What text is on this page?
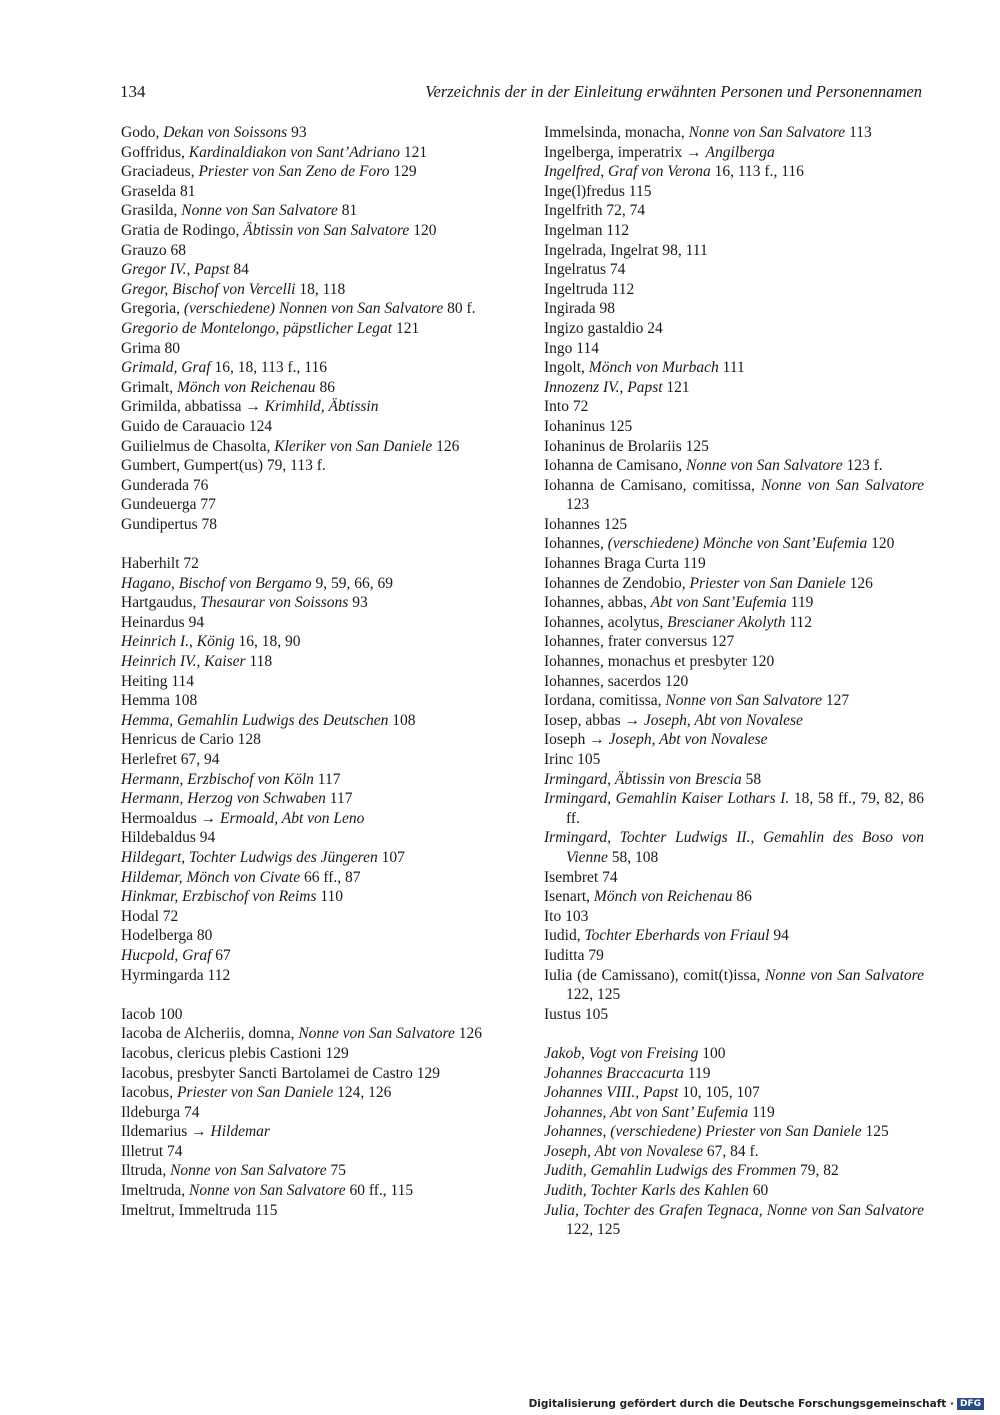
134	Verzeichnis der in der Einleitung erwähnten Personen und Personennamen
Godo, Dekan von Soissons 93
Goffridus, Kardinaldiakon von Sant’Adriano 121
Graciadeus, Priester von San Zeno de Foro 129
Graselda 81
Grasilda, Nonne von San Salvatore 81
Gratia de Rodingo, Äbtissin von San Salvatore 120
Grauzo 68
Gregor IV., Papst 84
Gregor, Bischof von Vercelli 18, 118
Gregoria, (verschiedene) Nonnen von San Salvatore 80 f.
Gregorio de Montelongo, päpstlicher Legat 121
Grima 80
Grimald, Graf 16, 18, 113 f., 116
Grimalt, Mönch von Reichenau 86
Grimilda, abbatissa → Krimhild, Äbtissin
Guido de Carauacio 124
Guilielmus de Chasolta, Kleriker von San Daniele 126
Gumbert, Gumpert(us) 79, 113 f.
Gunderada 76
Gundeuerga 77
Gundipertus 78
Haberhilt 72
Hagano, Bischof von Bergamo 9, 59, 66, 69
Hartgaudus, Thesaurar von Soissons 93
Heinardus 94
Heinrich I., König 16, 18, 90
Heinrich IV., Kaiser 118
Heiting 114
Hemma 108
Hemma, Gemahlin Ludwigs des Deutschen 108
Henricus de Cario 128
Herlefret 67, 94
Hermann, Erzbischof von Köln 117
Hermann, Herzog von Schwaben 117
Hermoaldus → Ermoald, Abt von Leno
Hildebaldus 94
Hildegart, Tochter Ludwigs des Jüngeren 107
Hildemar, Mönch von Civate 66 ff., 87
Hinkmar, Erzbischof von Reims 110
Hodal 72
Hodelberga 80
Hucpold, Graf 67
Hyrmingarda 112
Iacob 100
Iacoba de Alcheriis, domna, Nonne von San Salvatore 126
Iacobus, clericus plebis Castioni 129
Iacobus, presbyter Sancti Bartolamei de Castro 129
Iacobus, Priester von San Daniele 124, 126
Ildeburga 74
Ildemarius → Hildemar
Illetrut 74
Iltruda, Nonne von San Salvatore 75
Imeltruda, Nonne von San Salvatore 60 ff., 115
Imeltrut, Immeltruda 115
Immelsinda, monacha, Nonne von San Salvatore 113
Ingelberga, imperatrix → Angilberga
Ingelfred, Graf von Verona 16, 113 f., 116
Inge(l)fredus 115
Ingelfrith 72, 74
Ingelman 112
Ingelrada, Ingelrat 98, 111
Ingelratus 74
Ingeltruda 112
Ingirada 98
Ingizo gastaldio 24
Ingo 114
Ingolt, Mönch von Murbach 111
Innozenz IV., Papst 121
Into 72
Iohaninus 125
Iohaninus de Brolariis 125
Iohanna de Camisano, Nonne von San Salvatore 123 f.
Iohanna de Camisano, comitissa, Nonne von San Salvatore 123
Iohannes 125
Iohannes, (verschiedene) Mönche von Sant’Eufemia 120
Iohannes Braga Curta 119
Iohannes de Zendobio, Priester von San Daniele 126
Iohannes, abbas, Abt von Sant’Eufemia 119
Iohannes, acolytus, Brescianer Akolyth 112
Iohannes, frater conversus 127
Iohannes, monachus et presbyter 120
Iohannes, sacerdos 120
Iordana, comitissa, Nonne von San Salvatore 127
Iosep, abbas → Joseph, Abt von Novalese
Ioseph → Joseph, Abt von Novalese
Irinc 105
Irmingard, Äbtissin von Brescia 58
Irmingard, Gemahlin Kaiser Lothars I. 18, 58 ff., 79, 82, 86 ff.
Irmingard, Tochter Ludwigs II., Gemahlin des Boso von Vienne 58, 108
Isembret 74
Isenart, Mönch von Reichenau 86
Ito 103
Iudid, Tochter Eberhards von Friaul 94
Iuditta 79
Iulia (de Camissano), comit(t)issa, Nonne von San Salvatore 122, 125
Iustus 105
Jakob, Vogt von Freising 100
Johannes Braccacurta 119
Johannes VIII., Papst 10, 105, 107
Johannes, Abt von Sant’ Eufemia 119
Johannes, (verschiedene) Priester von San Daniele 125
Joseph, Abt von Novalese 67, 84 f.
Judith, Gemahlin Ludwigs des Frommen 79, 82
Judith, Tochter Karls des Kahlen 60
Julia, Tochter des Grafen Tegnaca, Nonne von San Salvatore 122, 125
Digitalisierung gefördert durch die Deutsche Forschungsgemeinschaft · DFG
